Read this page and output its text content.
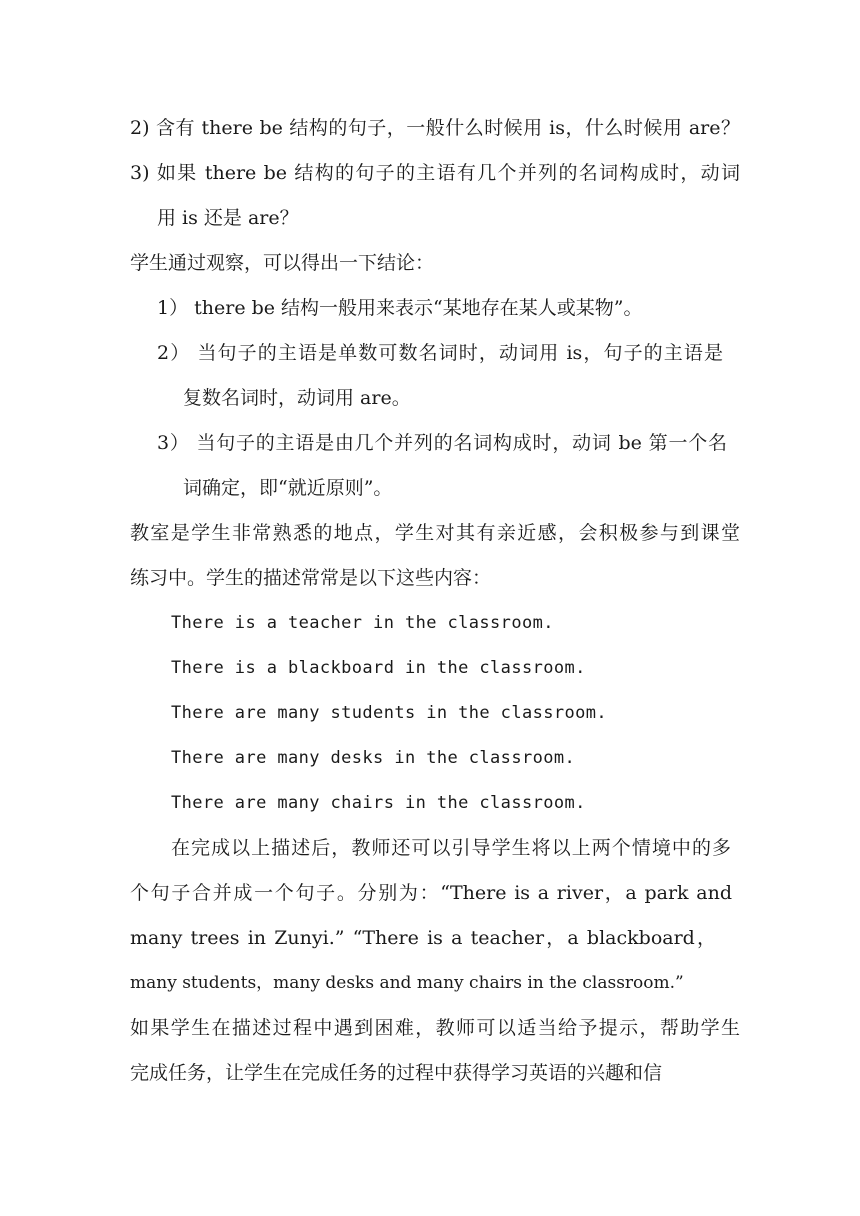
2) 含有 there be 结构的句子，一般什么时候用 is，什么时候用 are？
3) 如果 there be 结构的句子的主语有几个并列的名词构成时，动词
用 is 还是 are？
学生通过观察，可以得出一下结论：
1） there be 结构一般用来表示“某地存在某人或某物”。
2） 当句子的主语是单数可数名词时，动词用 is，句子的主语是
复数名词时，动词用 are。
3） 当句子的主语是由几个并列的名词构成时，动词 be 第一个名
词确定，即“就近原则”。
教室是学生非常熟悉的地点，学生对其有亲近感，会积极参与到课堂
练习中。学生的描述常常是以下这些内容：
There is a teacher in the classroom.
There is a blackboard in the classroom.
There are many students in the classroom.
There are many desks in the classroom.
There are many chairs in the classroom.
在完成以上描述后，教师还可以引导学生将以上两个情境中的多
个句子合并成一个句子。分别为：“There is a river，a park and
many trees in Zunyi.” “There is a teacher，a blackboard，
many students，many desks and many chairs in the classroom.”
如果学生在描述过程中遇到困难，教师可以适当给予提示，帮助学生
完成任务，让学生在完成任务的过程中获得学习英语的兴趣和信
